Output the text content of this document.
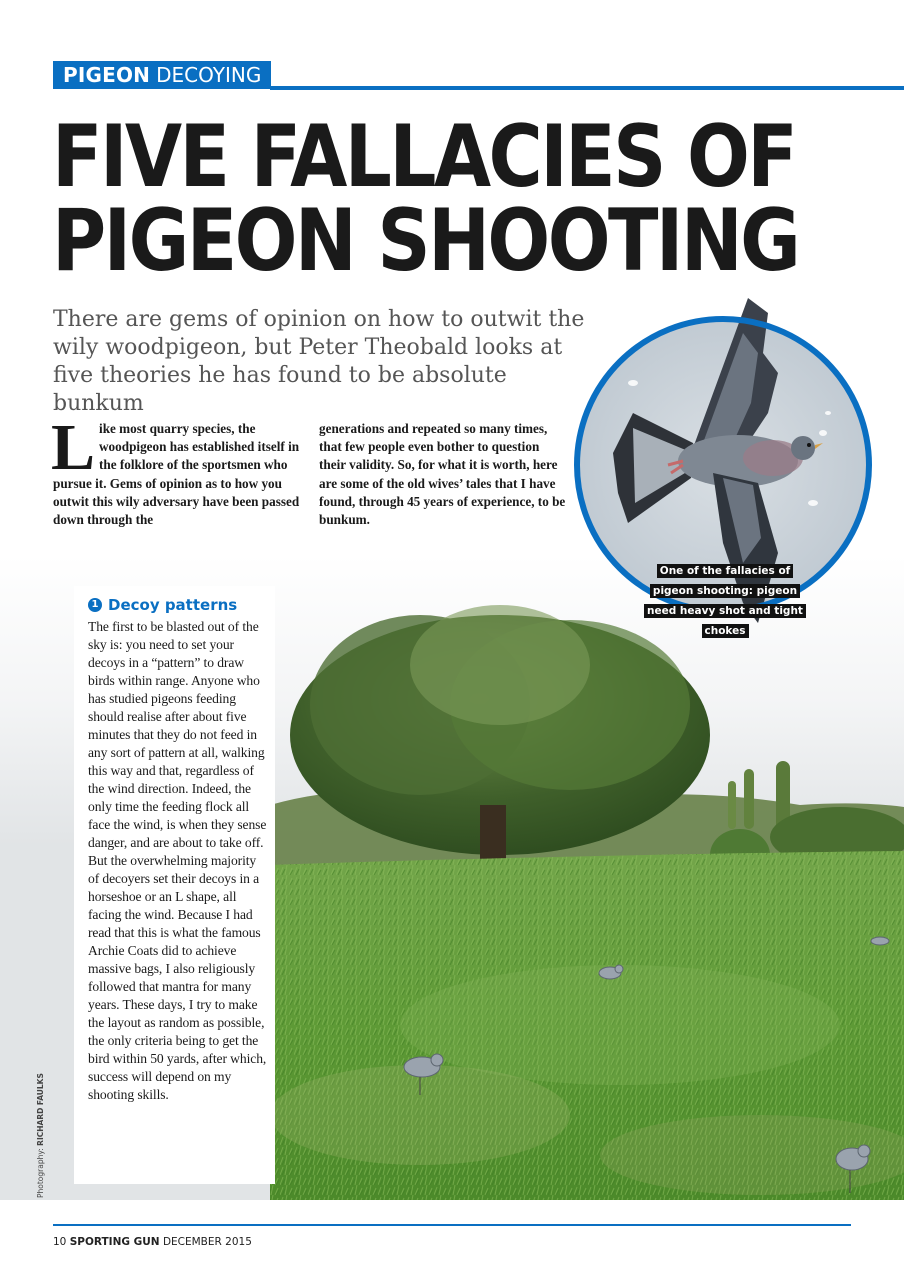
PIGEON DECOYING
FIVE FALLACIES OF
PIGEON SHOOTING

There are gems of opinion on how to outwit the wily woodpigeon, but Peter Theobald looks at five theories he has found to be absolute bunkum

Like most quarry species, the woodpigeon has established itself in the folklore of the sportsmen who pursue it. Gems of opinion as to how you outwit this wily adversary have been passed down through the

generations and repeated so many times, that few people even bother to question their validity. So, for what it is worth, here are some of the old wives’ tales that I have found, through 45 years of experience, to be bunkum.

One of the fallacies of pigeon shooting: pigeon need heavy shot and tight chokes
1 Decoy patterns

The first to be blasted out of the sky is: you need to set your decoys in a “pattern” to draw birds within range. Anyone who has studied pigeons feeding should realise after about five minutes that they do not feed in any sort of pattern at all, walking this way and that, regardless of the wind direction. Indeed, the only time the feeding flock all face the wind, is when they sense danger, and are about to take off. But the overwhelming majority of decoyers set their decoys in a horseshoe or an L shape, all facing the wind. Because I had read that this is what the famous Archie Coats did to achieve massive bags, I also religiously followed that mantra for many years. These days, I try to make the layout as random as possible, the only criteria being to get the bird within 50 yards, after which, success will depend on my shooting skills.

Photography: RICHARD FAULKS
10 SPORTING GUN DECEMBER 2015
